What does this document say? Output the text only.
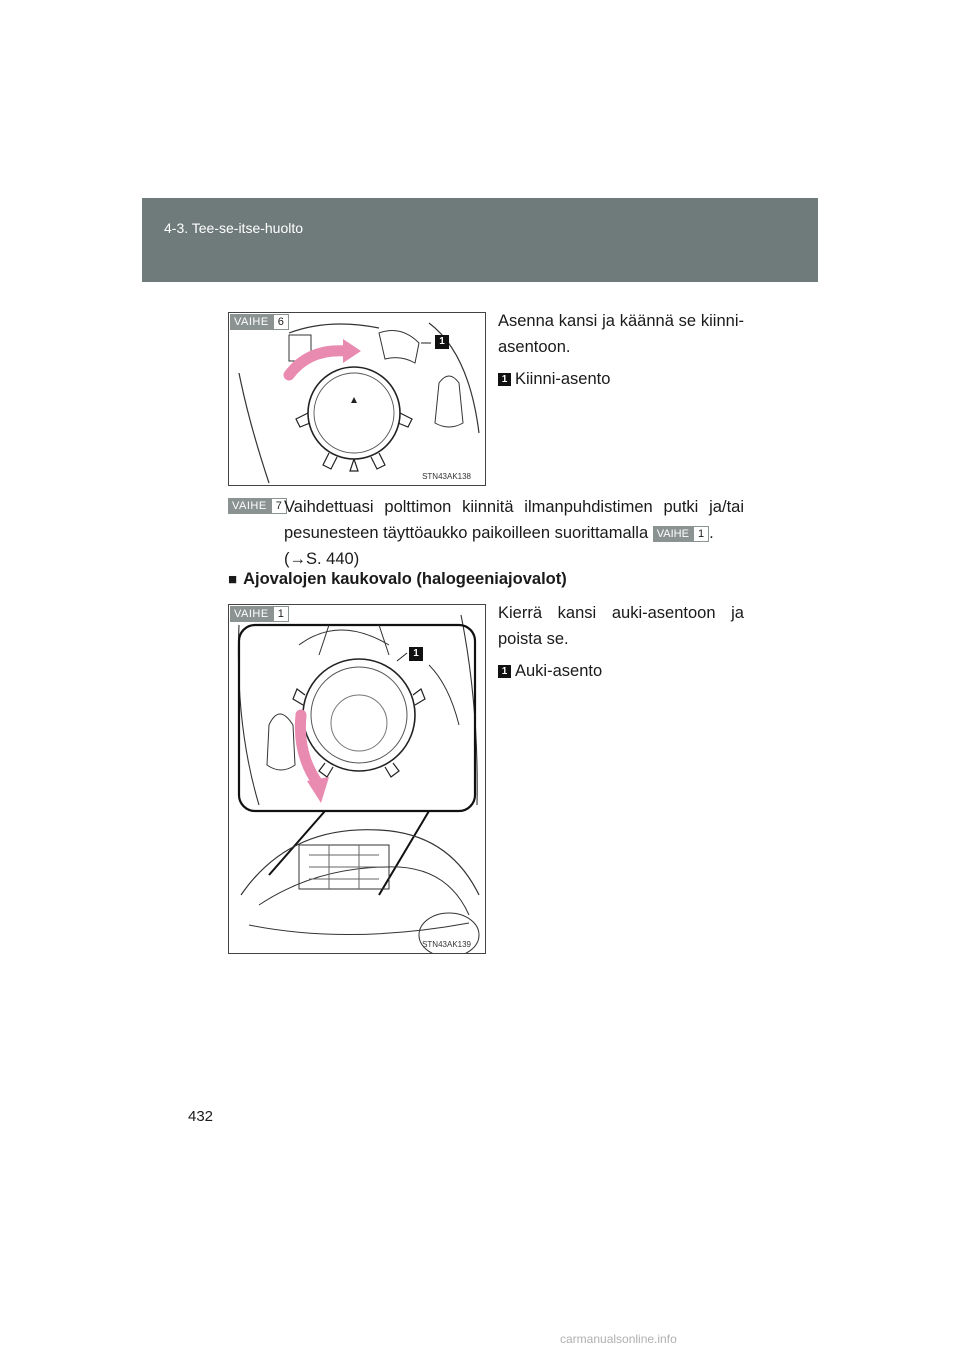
4-3. Tee-se-itse-huolto
VAIHE 6
1
STN43AK138
Asenna kansi ja käännä se kiinni-asentoon.
1 Kiinni-asento
VAIHE 7 Vaihdettuasi polttimon kiinnitä ilmanpuhdistimen putki ja/tai pesunesteen täyttöaukko paikoilleen suorittamalla VAIHE 1 .
(→S. 440)
■ Ajovalojen kaukovalo (halogeeniajovalot)
VAIHE 1
1
STN43AK139
Kierrä kansi auki-asentoon ja poista se.
1 Auki-asento
432
carmanualsonline.info
